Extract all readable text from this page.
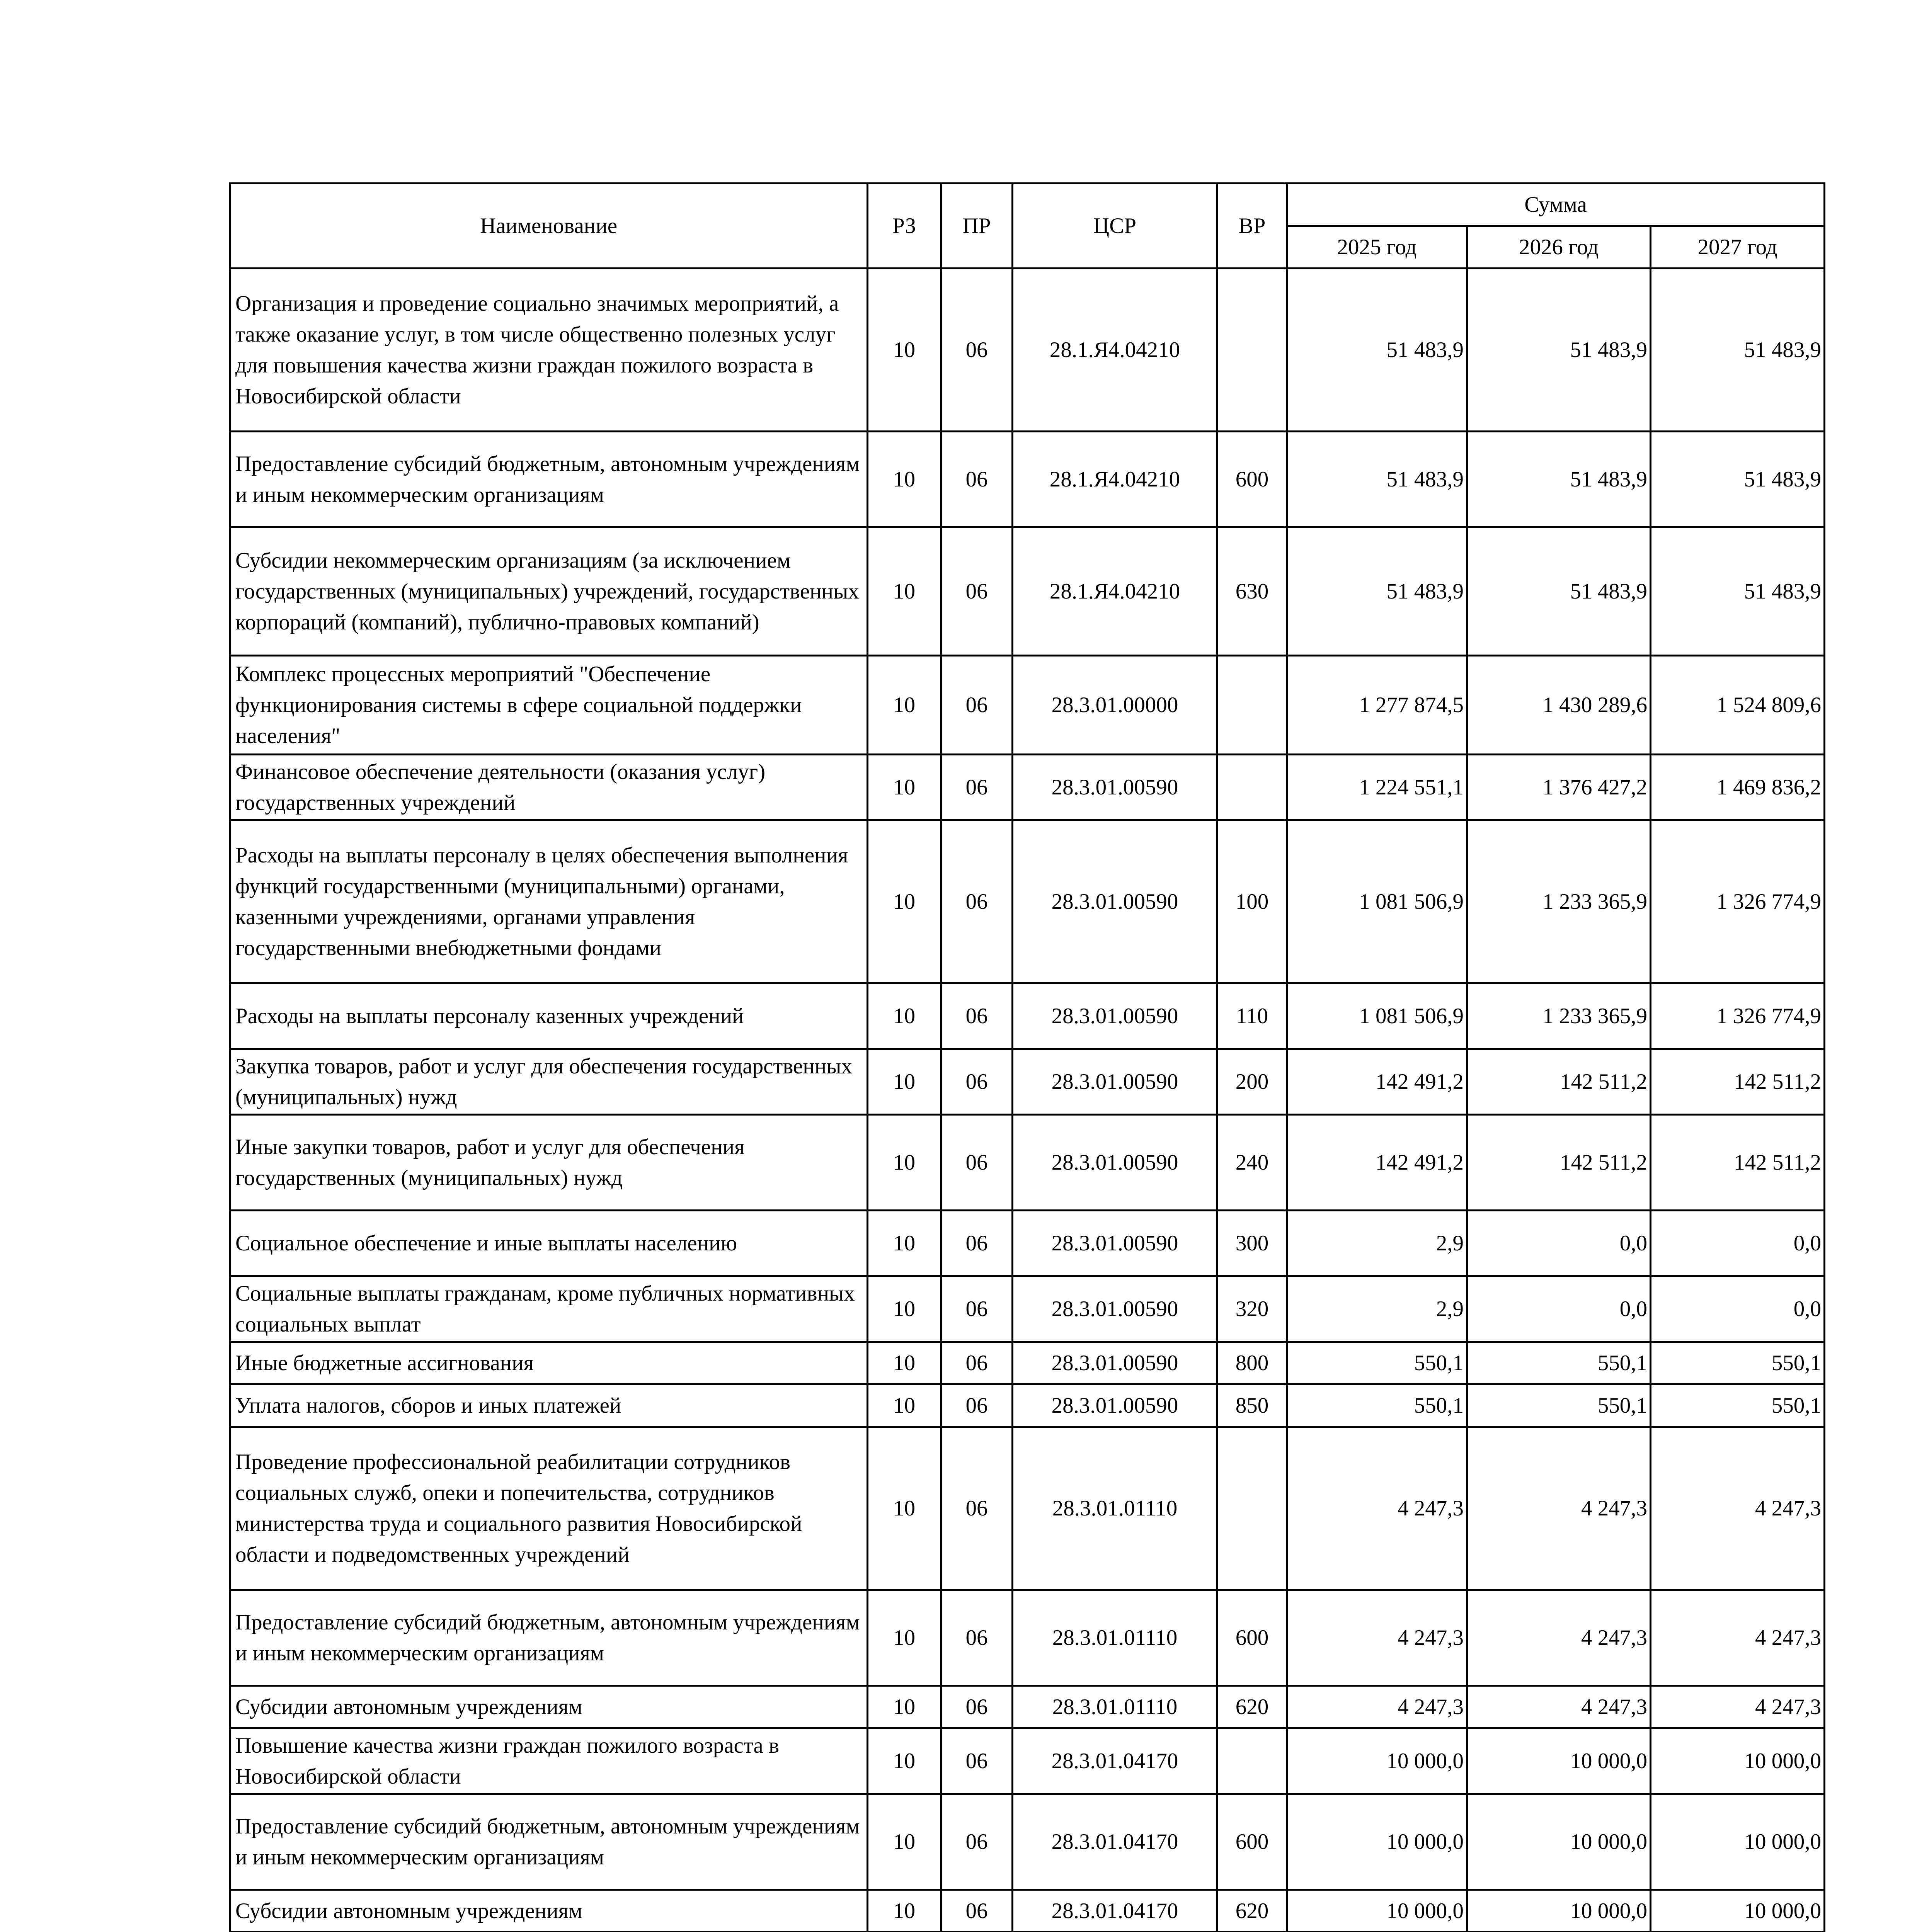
Наименование	РЗ	ПР	ЦСР	ВР	Сумма		
					2025 год	2026 год	2027 год
Организация и проведение социально значимых мероприятий, а также оказание услуг, в том числе общественно полезных услуг для повышения качества жизни граждан пожилого возраста в Новосибирской области	10	06	28.1.Я4.04210		51 483,9	51 483,9	51 483,9
Предоставление субсидий бюджетным, автономным учреждениям и иным некоммерческим организациям	10	06	28.1.Я4.04210	600	51 483,9	51 483,9	51 483,9
Субсидии некоммерческим организациям (за исключением государственных (муниципальных) учреждений, государственных корпораций (компаний), публично-правовых компаний)	10	06	28.1.Я4.04210	630	51 483,9	51 483,9	51 483,9
Комплекс процессных мероприятий "Обеспечение функционирования системы в сфере социальной поддержки населения"	10	06	28.3.01.00000		1 277 874,5	1 430 289,6	1 524 809,6
Финансовое обеспечение деятельности (оказания услуг) государственных учреждений	10	06	28.3.01.00590		1 224 551,1	1 376 427,2	1 469 836,2
Расходы на выплаты персоналу в целях обеспечения выполнения функций государственными (муниципальными) органами, казенными учреждениями, органами управления государственными внебюджетными фондами	10	06	28.3.01.00590	100	1 081 506,9	1 233 365,9	1 326 774,9
Расходы на выплаты персоналу казенных учреждений	10	06	28.3.01.00590	110	1 081 506,9	1 233 365,9	1 326 774,9
Закупка товаров, работ и услуг для обеспечения государственных (муниципальных) нужд	10	06	28.3.01.00590	200	142 491,2	142 511,2	142 511,2
Иные закупки товаров, работ и услуг для обеспечения государственных (муниципальных) нужд	10	06	28.3.01.00590	240	142 491,2	142 511,2	142 511,2
Социальное обеспечение и иные выплаты населению	10	06	28.3.01.00590	300	2,9	0,0	0,0
Социальные выплаты гражданам, кроме публичных нормативных социальных выплат	10	06	28.3.01.00590	320	2,9	0,0	0,0
Иные бюджетные ассигнования	10	06	28.3.01.00590	800	550,1	550,1	550,1
Уплата налогов, сборов и иных платежей	10	06	28.3.01.00590	850	550,1	550,1	550,1
Проведение профессиональной реабилитации сотрудников социальных служб, опеки и попечительства, сотрудников министерства труда и социального развития Новосибирской области и подведомственных учреждений	10	06	28.3.01.01110		4 247,3	4 247,3	4 247,3
Предоставление субсидий бюджетным, автономным учреждениям и иным некоммерческим организациям	10	06	28.3.01.01110	600	4 247,3	4 247,3	4 247,3
Субсидии автономным учреждениям	10	06	28.3.01.01110	620	4 247,3	4 247,3	4 247,3
Повышение качества жизни граждан пожилого возраста в Новосибирской области	10	06	28.3.01.04170		10 000,0	10 000,0	10 000,0
Предоставление субсидий бюджетным, автономным учреждениям и иным некоммерческим организациям	10	06	28.3.01.04170	600	10 000,0	10 000,0	10 000,0
Субсидии автономным учреждениям	10	06	28.3.01.04170	620	10 000,0	10 000,0	10 000,0
